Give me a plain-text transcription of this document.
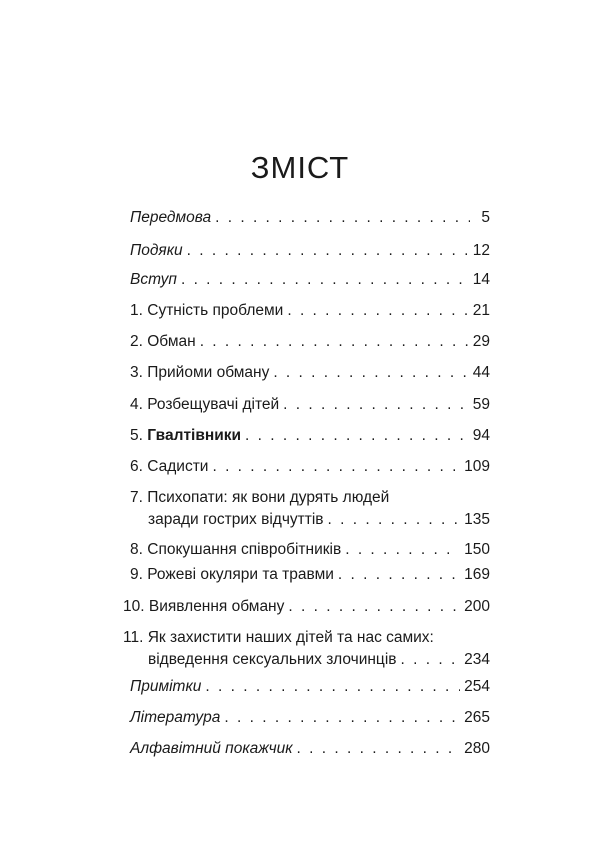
ЗМІСТ
Передмова . . .	5
Подяки . . .	12
Вступ . . .	14
1. Сутність проблеми . . .	21
2. Обман . . .	29
3. Прийоми обману . . .	44
4. Розбещувачі дітей . . .	59
5. Гвалтівники . . .	94
6. Садисти . . .	109
7. Психопати: як вони дурять людей
заради гострих відчуттів . . .	135
8. Спокушання співробітників . . .	150
9. Рожеві окуляри та травми . . .	169
10. Виявлення обману . . .	200
11. Як захистити наших дітей та нас самих:
відведення сексуальних злочинців . . .	234
Примітки . . .	254
Література . . .	265
Алфавітний покажчик . . .	280
